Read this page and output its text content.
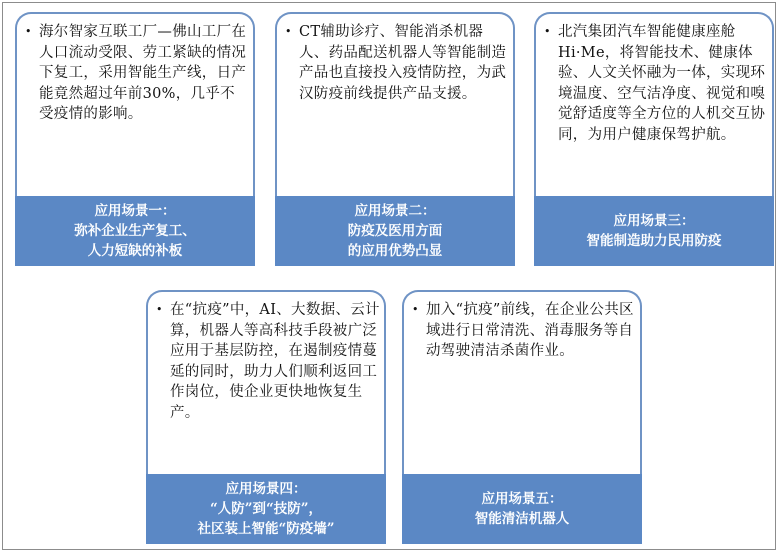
• 海尔智家互联工厂—佛山工厂在人口流动受限、劳工紧缺的情况下复工，采用智能生产线，日产能竟然超过年前30%，几乎不受疫情的影响。
应用场景一：
弥补企业生产复工、
人力短缺的补板
• CT辅助诊疗、智能消杀机器人、药品配送机器人等智能制造产品也直接投入疫情防控，为武汉防疫前线提供产品支援。
应用场景二：
防疫及医用方面
的应用优势凸显
• 北汽集团汽车智能健康座舱Hi·Me，将智能技术、健康体验、人文关怀融为一体，实现环境温度、空气洁净度、视觉和嗅觉舒适度等全方位的人机交互协同，为用户健康保驾护航。
应用场景三：
智能制造助力民用防疫
• 在“抗疫”中，AI、大数据、云计算，机器人等高科技手段被广泛应用于基层防控，在遏制疫情蔓延的同时，助力人们顺利返回工作岗位，使企业更快地恢复生产。
应用场景四：
“人防”到“技防”，
社区装上智能“防疫墙”
• 加入“抗疫”前线，在企业公共区域进行日常清洗、消毒服务等自动驾驶清洁杀菌作业。
应用场景五：
智能清洁机器人
